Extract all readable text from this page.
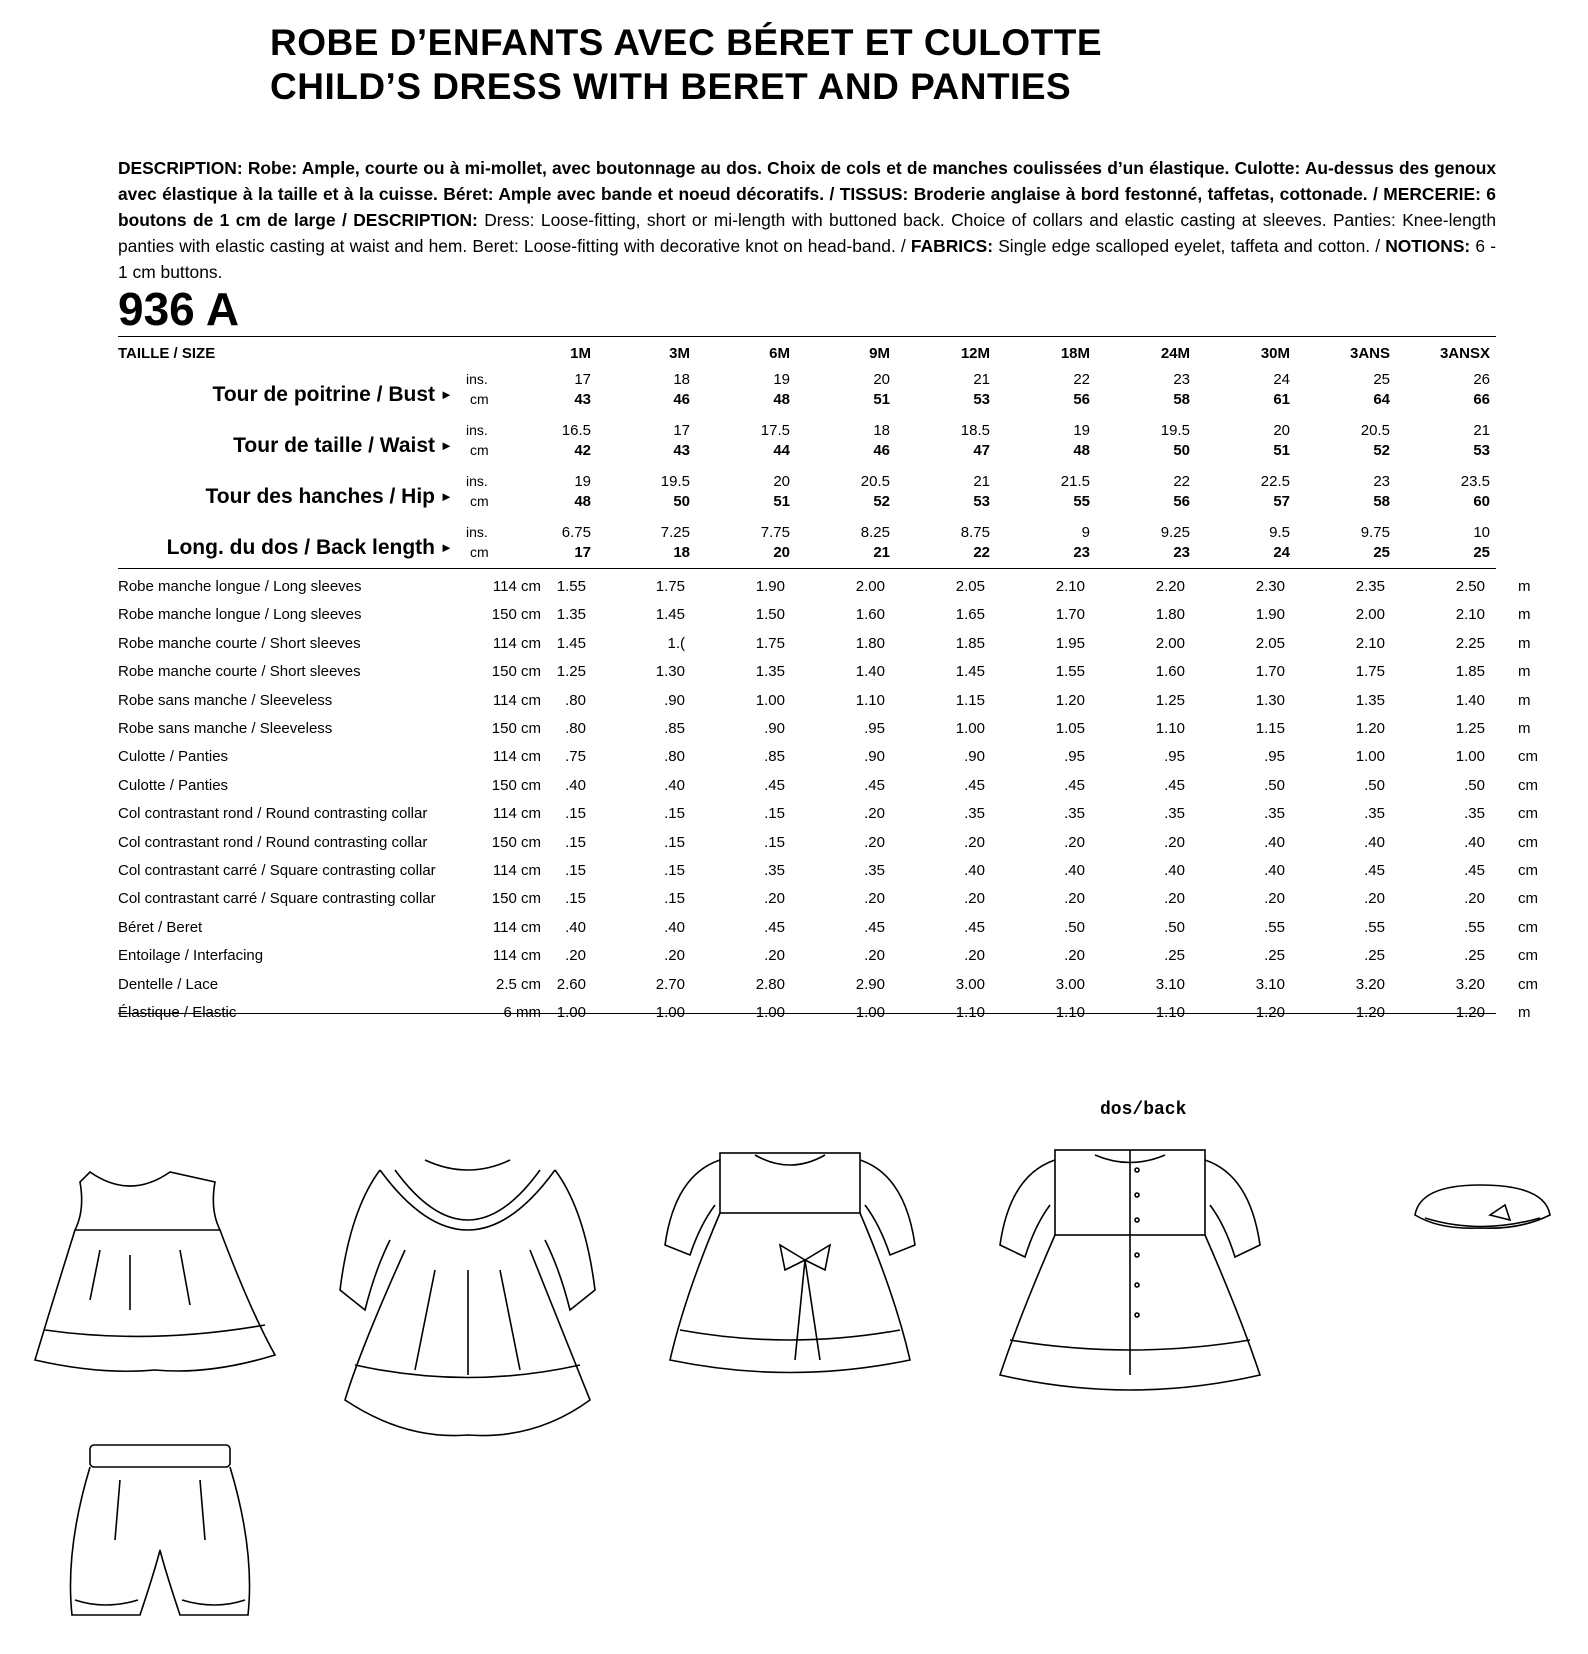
ROBE D’ENFANTS AVEC BÉRET ET CULOTTE
CHILD’S DRESS WITH BERET AND PANTIES
DESCRIPTION: Robe: Ample, courte ou à mi-mollet, avec boutonnage au dos. Choix de cols et de manches coulissées d’un élastique. Culotte: Au-dessus des genoux avec élastique à la taille et à la cuisse. Béret: Ample avec bande et noeud décoratifs. / TISSUS: Broderie anglaise à bord festonné, taffetas, cottonade. / MERCERIE: 6 boutons de 1 cm de large / DESCRIPTION: Dress: Loose-fitting, short or mi-length with buttoned back. Choice of collars and elastic casting at sleeves. Panties: Knee-length panties with elastic casting at waist and hem. Beret: Loose-fitting with decorative knot on head-band. / FABRICS: Single edge scalloped eyelet, taffeta and cotton. / NOTIONS: 6 - 1 cm buttons.
936 A
TAILLE / SIZE	1M	3M	6M	9M	12M	18M	24M	30M	3ANS	3ANSX
Tour de poitrine / Bust ►
ins.
cm
17	18	19	20	21	22	23	24	25	26
43	46	48	51	53	56	58	61	64	66
Tour de taille / Waist ►
ins.
cm
16.5	17	17.5	18	18.5	19	19.5	20	20.5	21
42	43	44	46	47	48	50	51	52	53
Tour des hanches / Hip ►
ins.
cm
19	19.5	20	20.5	21	21.5	22	22.5	23	23.5
48	50	51	52	53	55	56	57	58	60
Long. du dos / Back length ►
ins.
cm
6.75	7.25	7.75	8.25	8.75	9	9.25	9.5	9.75	10
17	18	20	21	22	23	23	24	25	25
Robe manche longue / Long sleeves	114 cm 1.55	1.75	1.90	2.00	2.05	2.10	2.20	2.30	2.35	2.50 m
Robe manche longue / Long sleeves	150 cm 1.35	1.45	1.50	1.60	1.65	1.70	1.80	1.90	2.00	2.10 m
Robe manche courte / Short sleeves	114 cm 1.45	1.(	1.75	1.80	1.85	1.95	2.00	2.05	2.10	2.25 m
Robe manche courte / Short sleeves	150 cm 1.25	1.30	1.35	1.40	1.45	1.55	1.60	1.70	1.75	1.85 m
Robe sans manche / Sleeveless	114 cm .80	.90	1.00	1.10	1.15	1.20	1.25	1.30	1.35	1.40 m
Robe sans manche / Sleeveless	150 cm .80	.85	.90	.95	1.00	1.05	1.10	1.15	1.20	1.25 m
Culotte / Panties	114 cm .75	.80	.85	.90	.90	.95	.95	.95	1.00	1.00 cm
Culotte / Panties	150 cm .40	.40	.45	.45	.45	.45	.45	.50	.50	.50 cm
Col contrastant rond / Round contrasting collar	114 cm .15	.15	.15	.20	.35	.35	.35	.35	.35	.35 cm
Col contrastant rond / Round contrasting collar	150 cm .15	.15	.15	.20	.20	.20	.20	.40	.40	.40 cm
Col contrastant carré / Square contrasting collar	114 cm .15	.15	.35	.35	.40	.40	.40	.40	.45	.45 cm
Col contrastant carré / Square contrasting collar	150 cm .15	.15	.20	.20	.20	.20	.20	.20	.20	.20 cm
Béret / Beret	114 cm .40	.40	.45	.45	.45	.50	.50	.55	.55	.55 cm
Entoilage / Interfacing	114 cm .20	.20	.20	.20	.20	.20	.25	.25	.25	.25 cm
Dentelle / Lace	2.5 cm 2.60	2.70	2.80	2.90	3.00	3.00	3.10	3.10	3.20	3.20 cm
Élastique / Elastic	6 mm 1.00	1.00	1.00	1.00	1.10	1.10	1.10	1.20	1.20	1.20 m
dos/back
